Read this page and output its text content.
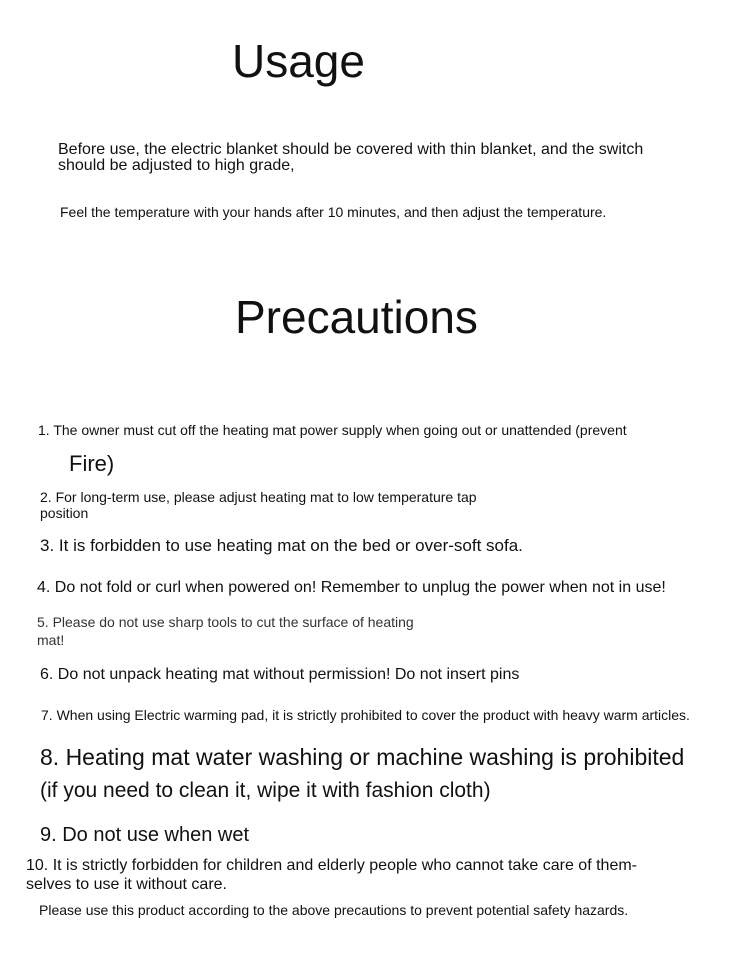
Usage

Before use, the electric blanket should be covered with thin blanket, and the switch

should be adjusted to high grade,

Feel the temperature with your hands after 10 minutes, and then adjust the temperature.

Precautions

1. The owner must cut off the heating mat power supply when going out or unattended (prevent

Fire)

2. For long-term use, please adjust heating mat to low temperature tap

position

3. It is forbidden to use heating mat on the bed or over-soft sofa.

4. Do not fold or curl when powered on! Remember to unplug the power when not in use!

5. Please do not use sharp tools to cut the surface of heating

mat!

6. Do not unpack heating mat without permission! Do not insert pins

7. When using Electric warming pad, it is strictly prohibited to cover the product with heavy warm articles.

8. Heating mat water washing or machine washing is prohibited

(if you need to clean it, wipe it with fashion cloth)

9. Do not use when wet

10. It is strictly forbidden for children and elderly people who cannot take care of them-

selves to use it without care.

Please use this product according to the above precautions to prevent potential safety hazards.
